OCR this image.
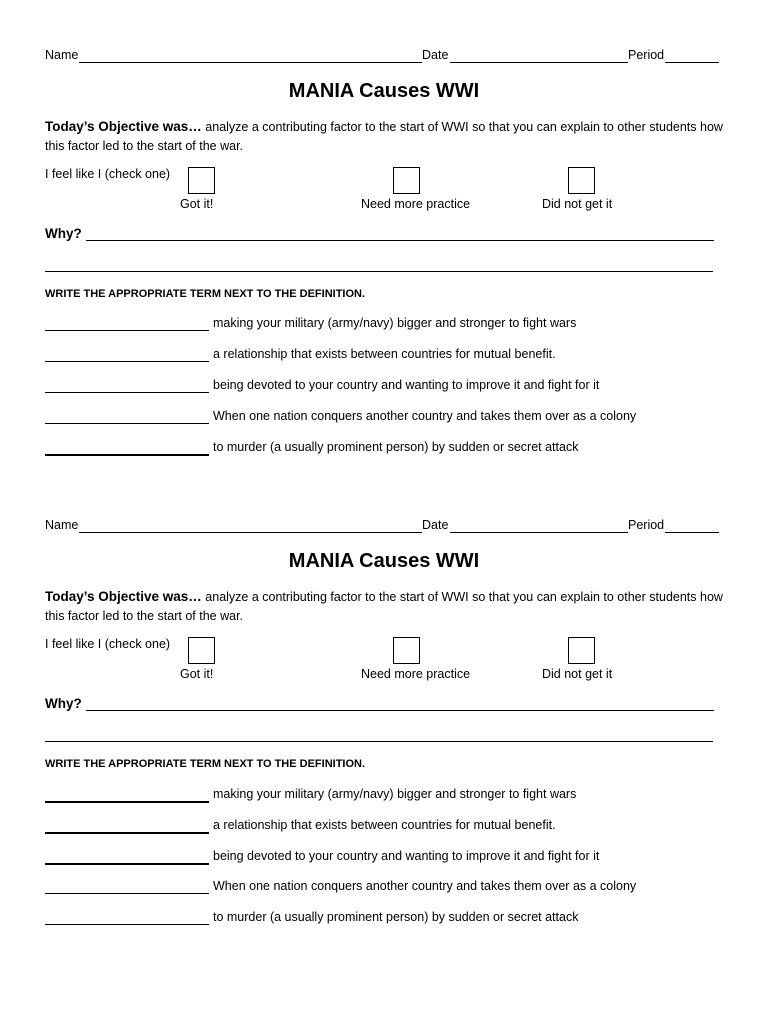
Name	Date	Period
MANIA Causes WWI
Today’s Objective was… analyze a contributing factor to the start of WWI so that you can explain to other students how this factor led to the start of the war.
I feel like I (check one)
Got it!	Need more practice	Did not get it
Why?
WRITE THE APPROPRIATE TERM NEXT TO THE DEFINITION.
making your military (army/navy) bigger and stronger to fight wars
a relationship that exists between countries for mutual benefit.
being devoted to your country and wanting to improve it and fight for it
When one nation conquers another country and takes them over as a colony
to murder (a usually prominent person) by sudden or secret attack
Name	Date	Period
MANIA Causes WWI
Today’s Objective was… analyze a contributing factor to the start of WWI so that you can explain to other students how this factor led to the start of the war.
I feel like I (check one)
Got it!	Need more practice	Did not get it
Why?
WRITE THE APPROPRIATE TERM NEXT TO THE DEFINITION.
making your military (army/navy) bigger and stronger to fight wars
a relationship that exists between countries for mutual benefit.
being devoted to your country and wanting to improve it and fight for it
When one nation conquers another country and takes them over as a colony
to murder (a usually prominent person) by sudden or secret attack
